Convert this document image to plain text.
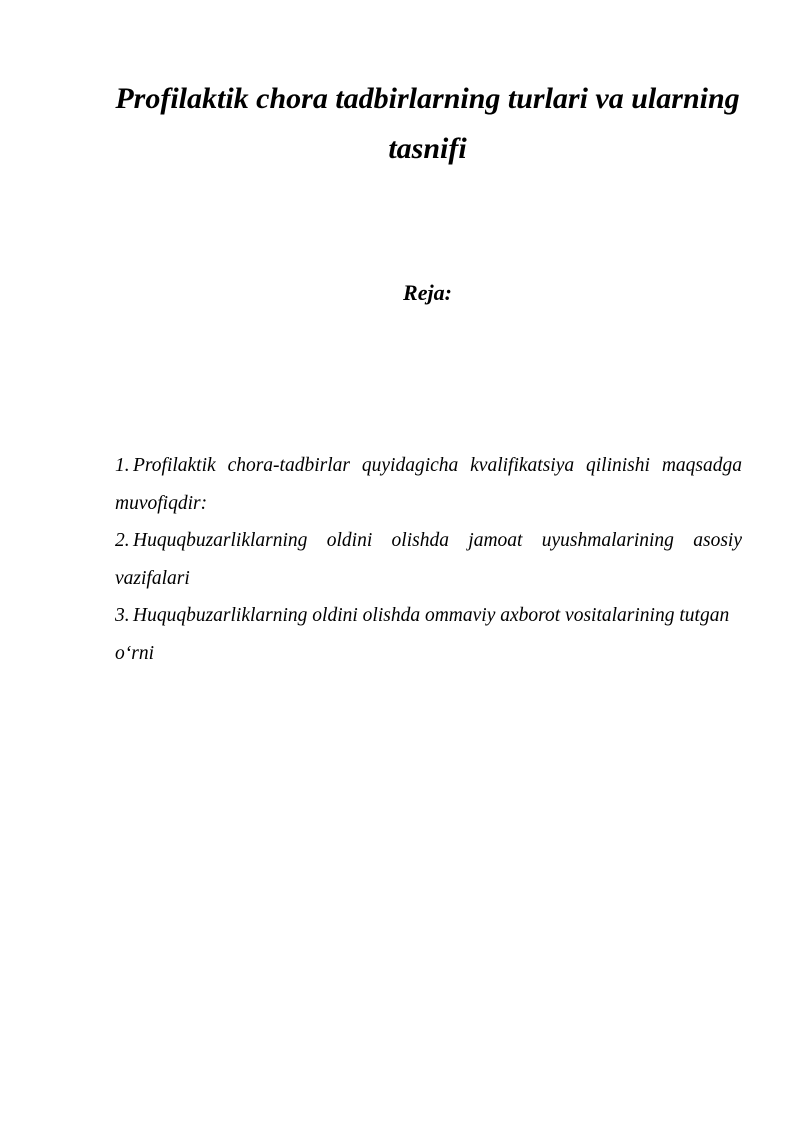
Profilaktik chora tadbirlarning turlari va ularning
tasnifi
Reja:
1. Profilaktik chora-tadbirlar quyidagicha kvalifikatsiya qilinishi maqsadga muvofiqdir:
2. Huquqbuzarliklarning oldini olishda jamoat uyushmalarining asosiy vazifalari
3. Huquqbuzarliklarning oldini olishda ommaviy axborot vositalarining tutgan o‘rni
